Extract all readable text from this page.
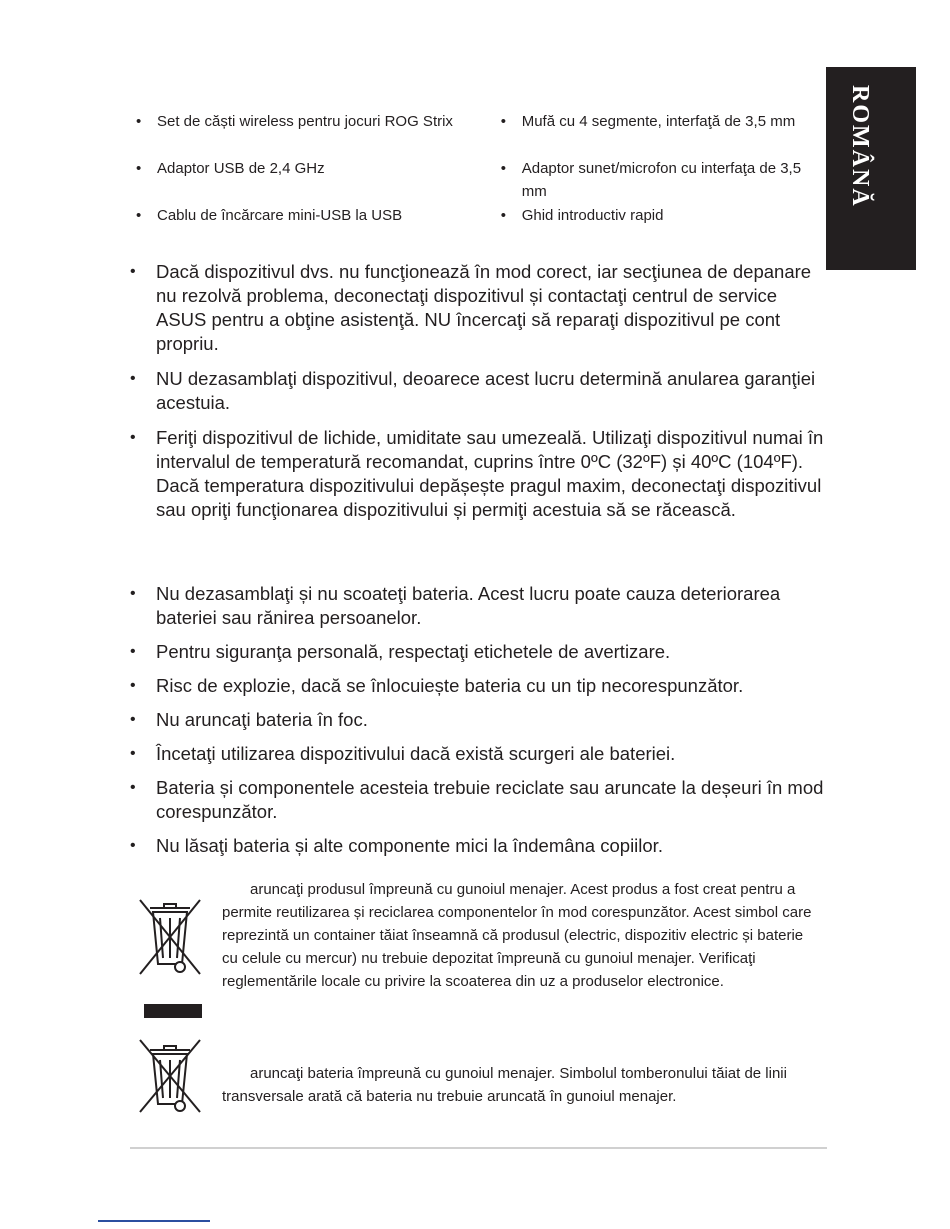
ROMÂNĂ
•	Set de căști wireless pentru jocuri ROG Strix	•	Mufă cu 4 segmente, interfaţă de 3,5 mm
•	Adaptor USB de 2,4 GHz	•	Adaptor sunet/microfon cu interfaţa de 3,5 mm
•	Cablu de încărcare mini-USB la USB	•	Ghid introductiv rapid
•	Dacă dispozitivul dvs. nu funcţionează în mod corect, iar secţiunea de depanare nu rezolvă problema, deconectaţi dispozitivul și contactaţi centrul de service ASUS pentru a obţine asistenţă. NU încercaţi să reparaţi dispozitivul pe cont propriu.
•	NU dezasamblaţi dispozitivul, deoarece acest lucru determină anularea garanţiei acestuia.
•	Feriţi dispozitivul de lichide, umiditate sau umezeală. Utilizaţi dispozitivul numai în intervalul de temperatură recomandat, cuprins între 0ºC (32ºF) și 40ºC (104ºF). Dacă temperatura dispozitivului depășește pragul maxim, deconectaţi dispozitivul sau opriţi funcţionarea dispozitivului și permiţi acestuia să se răcească.
•	Nu dezasamblaţi și nu scoateţi bateria. Acest lucru poate cauza deteriorarea bateriei sau rănirea persoanelor.
•	Pentru siguranţa personală, respectaţi etichetele de avertizare.
•	Risc de explozie, dacă se înlocuiește bateria cu un tip necorespunzător.
•	Nu aruncaţi bateria în foc.
•	Încetaţi utilizarea dispozitivului dacă există scurgeri ale bateriei.
•	Bateria și componentele acesteia trebuie reciclate sau aruncate la deșeuri în mod corespunzător.
•	Nu lăsaţi bateria și alte componente mici la îndemâna copiilor.
aruncaţi produsul împreună cu gunoiul menajer. Acest produs a fost creat pentru a permite reutilizarea și reciclarea componentelor în mod corespunzător. Acest simbol care reprezintă un container tăiat înseamnă că produsul (electric, dispozitiv electric și baterie cu celule cu mercur) nu trebuie depozitat împreună cu gunoiul menajer. Verificaţi reglementările locale cu privire la scoaterea din uz a produselor electronice.
aruncaţi bateria împreună cu gunoiul menajer. Simbolul tomberonului tăiat de linii transversale arată că bateria nu trebuie aruncată în gunoiul menajer.
